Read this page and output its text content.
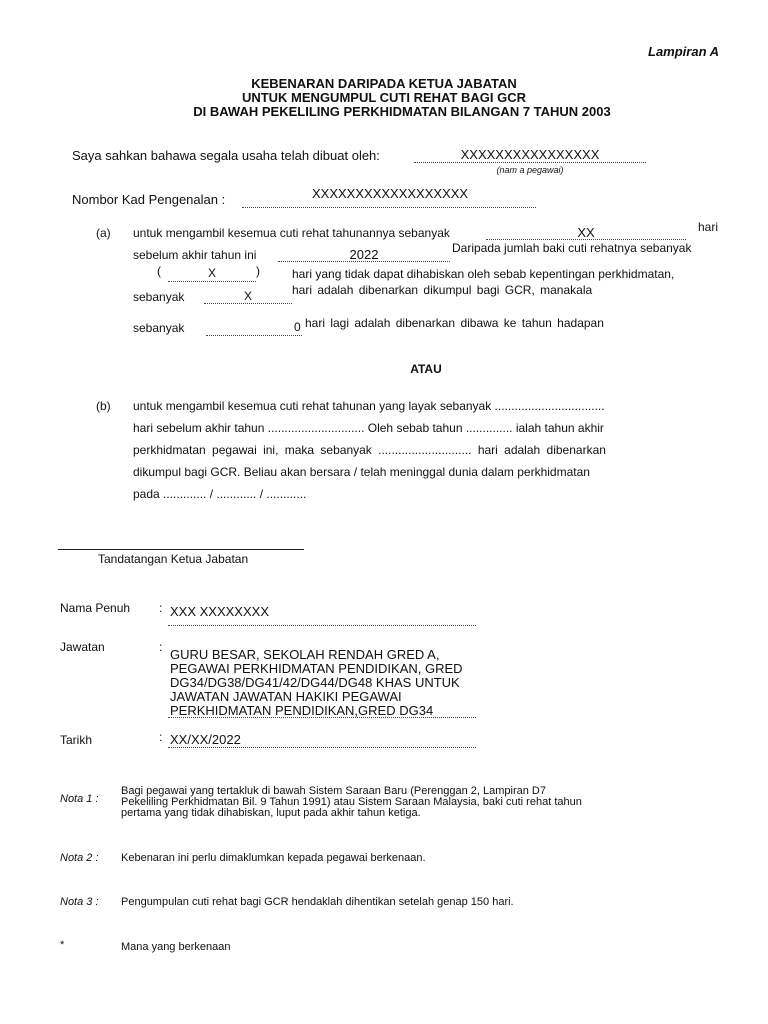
Lampiran A
KEBENARAN DARIPADA KETUA JABATAN
UNTUK MENGUMPUL CUTI REHAT BAGI GCR
DI BAWAH PEKELILING PERKHIDMATAN BILANGAN 7 TAHUN 2003
Saya sahkan bahawa segala usaha telah dibuat oleh:	XXXXXXXXXXXXXXXX
(nam a pegawai)
Nombor Kad Pengenalan :	XXXXXXXXXXXXXXXXXX
(a) untuk mengambil kesemua cuti rehat tahunannya sebanyak	XX	hari
sebelum akhir tahun ini	2022	Daripada jumlah baki cuti rehatnya sebanyak
(	X	)	hari yang tidak dapat dihabiskan oleh sebab kepentingan perkhidmatan,
sebanyak	X	hari adalah dibenarkan dikumpul bagi GCR, manakala
sebanyak	0 hari lagi adalah dibenarkan dibawa ke tahun hadapan
ATAU
(b) untuk mengambil kesemua cuti rehat tahunan yang layak sebanyak .................................
hari sebelum akhir tahun ............................. Oleh sebab tahun .............. ialah tahun akhir
perkhidmatan pegawai ini, maka sebanyak ............................ hari adalah dibenarkan
dikumpul bagi GCR. Beliau akan bersara / telah meninggal dunia dalam perkhidmatan
pada ............. / ............ / ............
Tandatangan Ketua Jabatan
Nama Penuh : XXX XXXXXXXX
Jawatan	: GURU BESAR, SEKOLAH RENDAH GRED A,
PEGAWAI PERKHIDMATAN PENDIDIKAN, GRED
DG34/DG38/DG41/42/DG44/DG48 KHAS UNTUK
JAWATAN JAWATAN HAKIKI PEGAWAI
PERKHIDMATAN PENDIDIKAN,GRED DG34
Tarikh	: XX/XX/2022
Nota 1 :
Bagi pegawai yang tertakluk di bawah Sistem Saraan Baru (Perenggan 2, Lampiran D7
Pekeliling Perkhidmatan Bil. 9 Tahun 1991) atau Sistem Saraan Malaysia, baki cuti rehat tahun
pertama yang tidak dihabiskan, luput pada akhir tahun ketiga.
Nota 2 : Kebenaran ini perlu dimaklumkan kepada pegawai berkenaan.
Nota 3 : Pengumpulan cuti rehat bagi GCR hendaklah dihentikan setelah genap 150 hari.
*	Mana yang berkenaan
